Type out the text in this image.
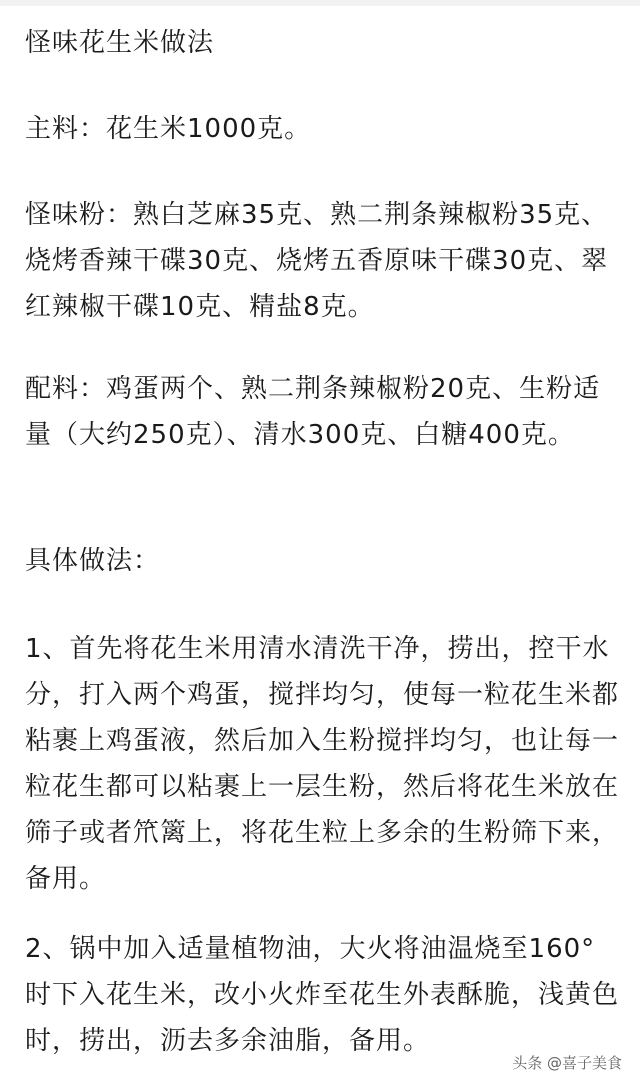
怪味花生米做法

主料：花生米1000克。

怪味粉：熟白芝麻35克、熟二荆条辣椒粉35克、烧烤香辣干碟30克、烧烤五香原味干碟30克、翠红辣椒干碟10克、精盐8克。

配料：鸡蛋两个、熟二荆条辣椒粉20克、生粉适量（大约250克）、清水300克、白糖400克。

具体做法：

1、首先将花生米用清水清洗干净，捞出，控干水分，打入两个鸡蛋，搅拌均匀，使每一粒花生米都粘裹上鸡蛋液，然后加入生粉搅拌均匀，也让每一粒花生都可以粘裹上一层生粉，然后将花生米放在筛子或者笊篱上，将花生粒上多余的生粉筛下来，备用。

2、锅中加入适量植物油，大火将油温烧至160°时下入花生米，改小火炸至花生外表酥脆，浅黄色时，捞出，沥去多余油脂，备用。

头条 @喜子美食
